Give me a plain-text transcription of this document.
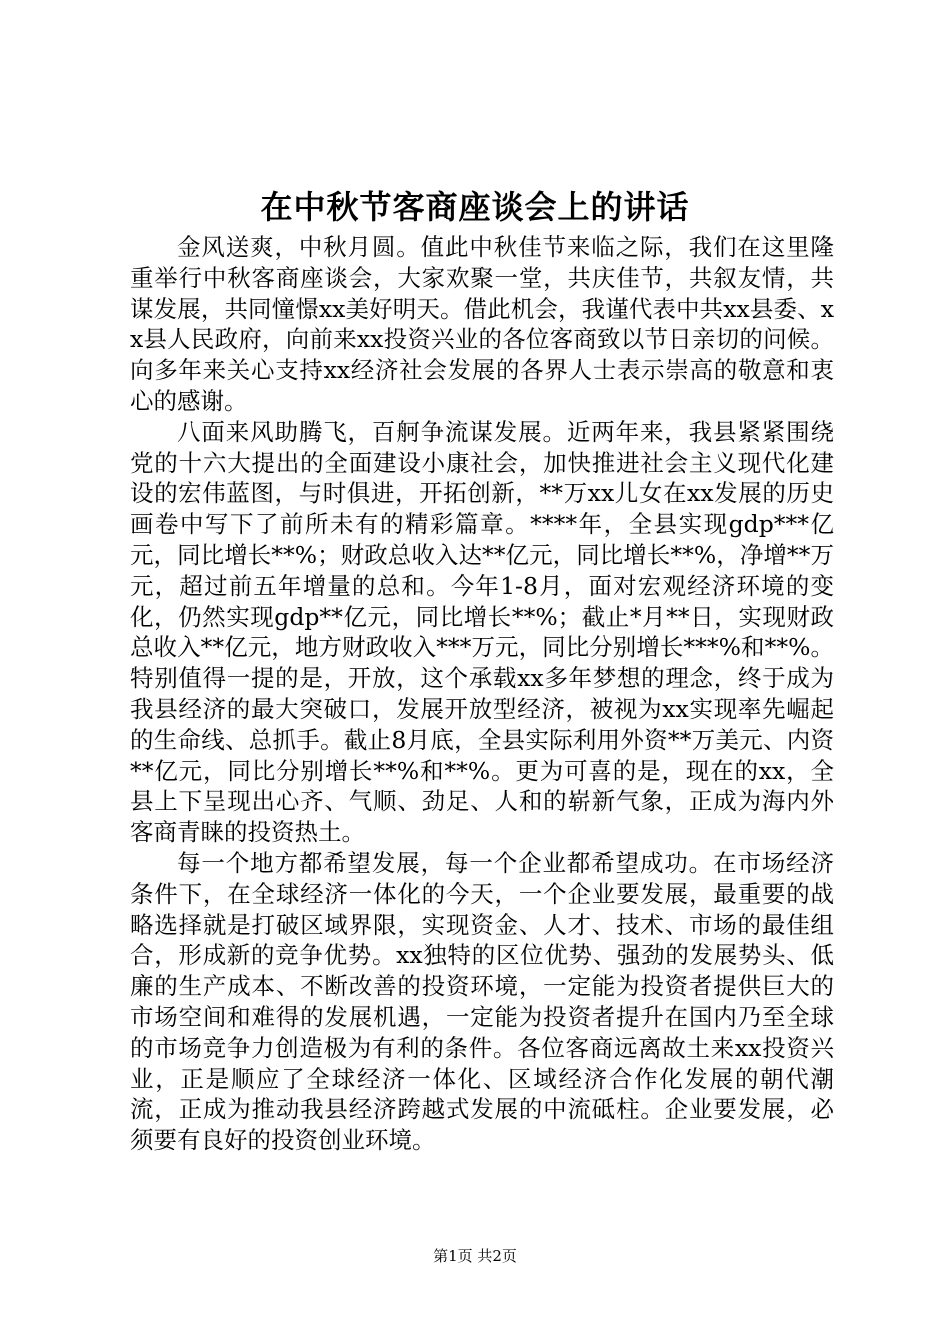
在中秋节客商座谈会上的讲话

金风送爽，中秋月圆。值此中秋佳节来临之际，我们在这里隆重举行中秋客商座谈会，大家欢聚一堂，共庆佳节，共叙友情，共谋发展，共同憧憬xx美好明天。借此机会，我谨代表中共xx县委、xx县人民政府，向前来xx投资兴业的各位客商致以节日亲切的问候。向多年来关心支持xx经济社会发展的各界人士表示崇高的敬意和衷心的感谢。

八面来风助腾飞，百舸争流谋发展。近两年来，我县紧紧围绕党的十六大提出的全面建设小康社会，加快推进社会主义现代化建设的宏伟蓝图，与时俱进，开拓创新，**万xx儿女在xx发展的历史画卷中写下了前所未有的精彩篇章。****年，全县实现gdp***亿元，同比增长**%；财政总收入达**亿元，同比增长**%，净增**万元，超过前五年增量的总和。今年1-8月，面对宏观经济环境的变化，仍然实现gdp**亿元，同比增长**%；截止*月**日，实现财政总收入**亿元，地方财政收入***万元，同比分别增长***%和**%。特别值得一提的是，开放，这个承载xx多年梦想的理念，终于成为我县经济的最大突破口，发展开放型经济，被视为xx实现率先崛起的生命线、总抓手。截止8月底，全县实际利用外资**万美元、内资**亿元，同比分别增长**%和**%。更为可喜的是，现在的xx，全县上下呈现出心齐、气顺、劲足、人和的崭新气象，正成为海内外客商青睐的投资热土。

每一个地方都希望发展，每一个企业都希望成功。在市场经济条件下，在全球经济一体化的今天，一个企业要发展，最重要的战略选择就是打破区域界限，实现资金、人才、技术、市场的最佳组合，形成新的竞争优势。xx独特的区位优势、强劲的发展势头、低廉的生产成本、不断改善的投资环境，一定能为投资者提供巨大的市场空间和难得的发展机遇，一定能为投资者提升在国内乃至全球的市场竞争力创造极为有利的条件。各位客商远离故土来xx投资兴业，正是顺应了全球经济一体化、区域经济合作化发展的朝代潮流，正成为推动我县经济跨越式发展的中流砥柱。企业要发展，必须要有良好的投资创业环境。

第1页 共2页
